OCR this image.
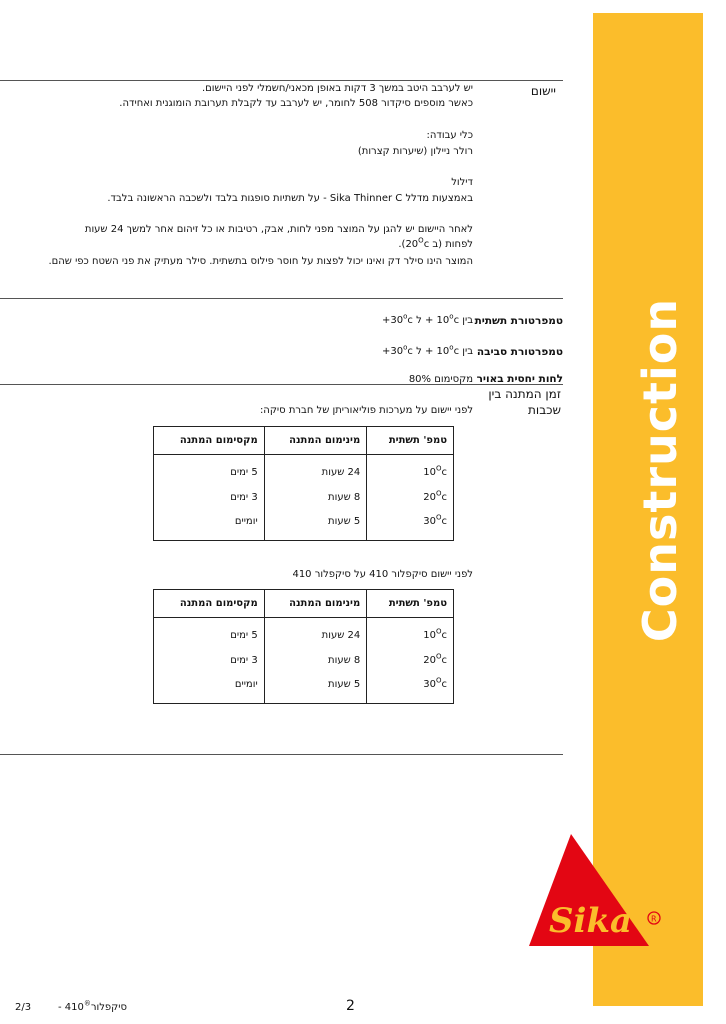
Construction
יישום
יש לערבב היטב במשך 3 דקות באופן מכאני/חשמלי לפני היישום.
כאשר מוספים סיקדור 508 לחומר, יש לערבב עד לקבלת תערובת הומוגנית ואחידה.
כלי עבודה:
רולר ניילון (שיערות קצרות)
דילול
באמצעות מדלל Sika Thinner C - על תשתיות סופגות בלבד ולשכבה הראשונה בלבד.
לאחר היישום יש להגן על המוצר מפני לחות, אבק, רטיבות או כל זיהום אחר למשך 24 שעות
לפחות (ב $20^Oc$).
המוצר הינו סילר דק ואינו יכול לפצות על חוסר פילוס בתשתית. סילר מעתיק את פני השטח כפי שהם.
טמפרטורת תשתית
בין $10^oc$ + ל $+30^oc$
טמפרטורת סביבה
בין $10^oc$ + ל $+30^oc$
לחות יחסית באויר
מקסימום 80%
זמן המתנה בין
שכבות
לפני יישום על מערכות פוליאוריתן של חברת סיקה:
טמפ' תשתית	מינימום המתנה	מקסימום המתנה
$10^Oc$	24 שעות	5 ימים
$20^Oc$	8 שעות	3 ימים
$30^Oc$	5 שעות	יומיים
לפני יישום סיקפלור 410 על סיקפלור 410
טמפ' תשתית	מינימום המתנה	מקסימום המתנה
$10^Oc$	24 שעות	5 ימים
$20^Oc$	8 שעות	3 ימים
$30^Oc$	5 שעות	יומיים
Sika R
2/3	סיקפלור®- 410	2
